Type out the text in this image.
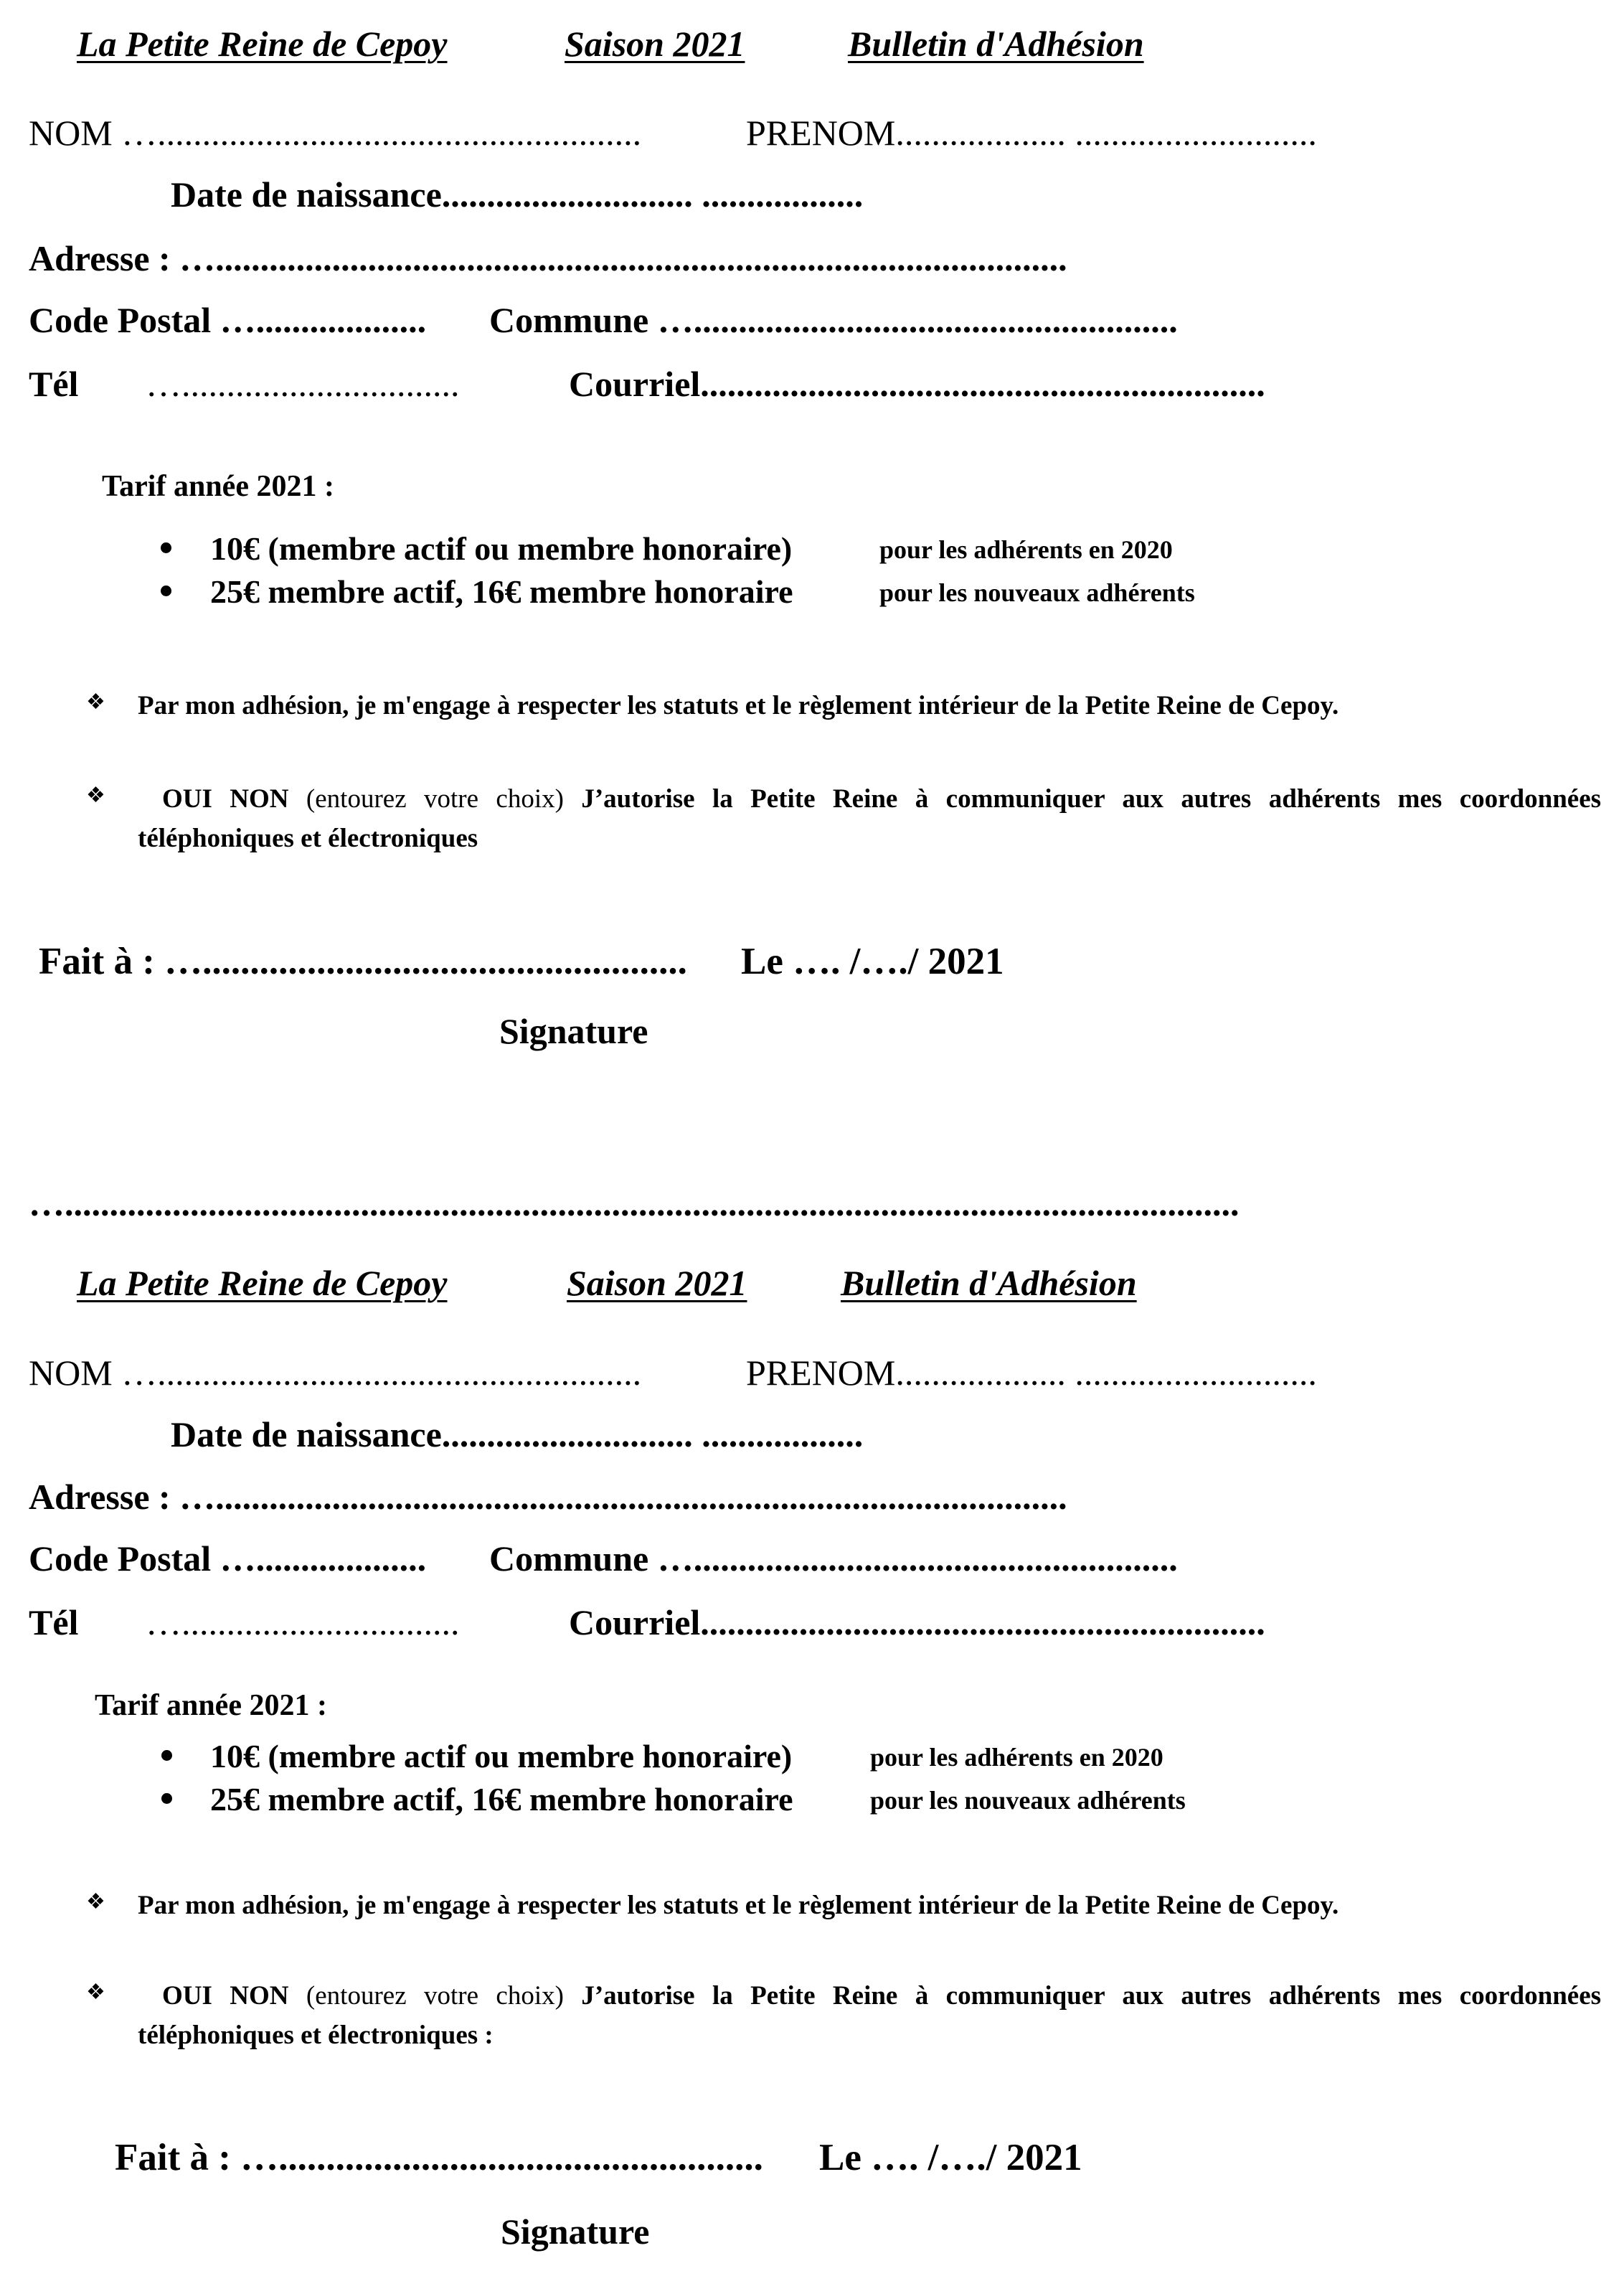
La Petite Reine de Cepoy	Saison 2021	Bulletin d'Adhésion
NOM …......................................................	PRENOM................... ...........................
Date de naissance............................ ..................
Adresse : …...............................................................................................
Code Postal …................... Commune …......................................................
Tél …...............................	Courriel...............................................................
Tarif année 2021 :
10€ (membre actif ou membre honoraire)	pour les adhérents en 2020
25€ membre actif, 16€ membre honoraire	pour les nouveaux adhérents
❖ Par mon adhésion, je m'engage à respecter les statuts et le règlement intérieur de la Petite Reine de Cepoy.
❖	OUI NON (entourez votre choix) J’autorise la Petite Reine à communiquer aux autres adhérents mes coordonnées téléphoniques et électroniques
Fait à : …................................................... Le …. /…./ 2021
Signature
…...................................................................................................................................
La Petite Reine de Cepoy	Saison 2021	Bulletin d'Adhésion
NOM …......................................................	PRENOM................... ...........................
Date de naissance............................ ..................
Adresse : …...............................................................................................
Code Postal …................... Commune …......................................................
Tél …...............................	Courriel...............................................................
Tarif année 2021 :
10€ (membre actif ou membre honoraire)	pour les adhérents en 2020
25€ membre actif, 16€ membre honoraire	pour les nouveaux adhérents
❖ Par mon adhésion, je m'engage à respecter les statuts et le règlement intérieur de la Petite Reine de Cepoy.
❖	OUI NON (entourez votre choix) J’autorise la Petite Reine à communiquer aux autres adhérents mes coordonnées téléphoniques et électroniques :
Fait à : …................................................... Le …. /…./ 2021
Signature
